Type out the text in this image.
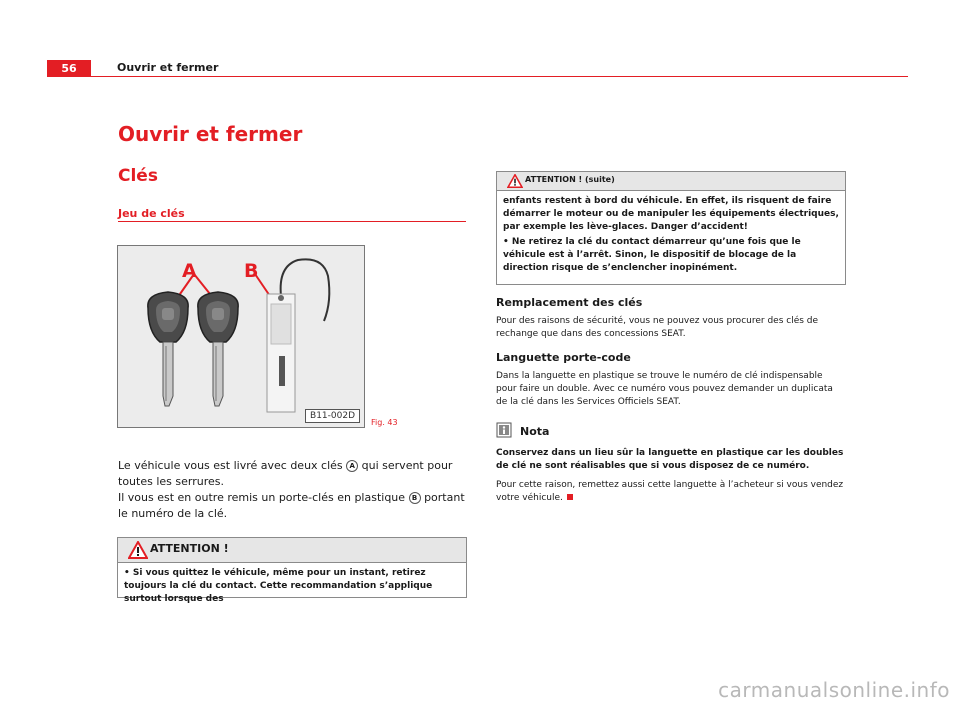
56	Ouvrir et fermer
Ouvrir et fermer
Clés
Jeu de clés
A B
B11-002D
Fig. 43
Le véhicule vous est livré avec deux clés A qui servent pour toutes les serrures.
Il vous est en outre remis un porte-clés en plastique B portant le numéro de la clé.
ATTENTION !
• Si vous quittez le véhicule, même pour un instant, retirez toujours la clé du contact. Cette recommandation s’applique surtout lorsque des
ATTENTION ! (suite)
enfants restent à bord du véhicule. En effet, ils risquent de faire démarrer le moteur ou de manipuler les équipements électriques, par exemple les lève-glaces. Danger d’accident!
• Ne retirez la clé du contact démarreur qu’une fois que le véhicule est à l’arrêt. Sinon, le dispositif de blocage de la direction risque de s’enclencher inopinément.
Remplacement des clés
Pour des raisons de sécurité, vous ne pouvez vous procurer des clés de rechange que dans des concessions SEAT.
Languette porte-code
Dans la languette en plastique se trouve le numéro de clé indispensable pour faire un double. Avec ce numéro vous pouvez demander un duplicata de la clé dans les Services Officiels SEAT.
Nota
Conservez dans un lieu sûr la languette en plastique car les doubles de clé ne sont réalisables que si vous disposez de ce numéro.
Pour cette raison, remettez aussi cette languette à l’acheteur si vous vendez votre véhicule.
carmanualsonline.info
